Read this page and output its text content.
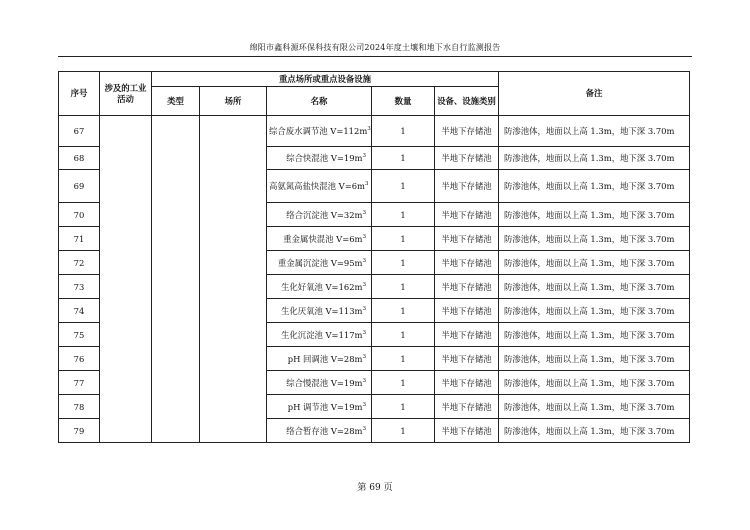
绵阳市鑫科源环保科技有限公司2024年度土壤和地下水自行监测报告
序号	涉及的工业活动	重点场所或重点设备设施					备注
		类型	场所	名称	数量	设备、设施类别	
67				综合废水调节池 $V=112m^3$	1	半地下存储池	防渗池体，地面以上高 1.3m，地下深 3.70m
68				综合快混池 $V=19m^3$	1	半地下存储池	防渗池体，地面以上高 1.3m，地下深 3.70m
69				高氨氮高盐快混池 $V=6m^3$	1	半地下存储池	防渗池体，地面以上高 1.3m，地下深 3.70m
70				络合沉淀池 $V=32m^3$	1	半地下存储池	防渗池体，地面以上高 1.3m，地下深 3.70m
71				重金属快混池 $V=6m^3$	1	半地下存储池	防渗池体，地面以上高 1.3m，地下深 3.70m
72				重金属沉淀池 $V=95m^3$	1	半地下存储池	防渗池体，地面以上高 1.3m，地下深 3.70m
73				生化好氧池 $V=162m^3$	1	半地下存储池	防渗池体，地面以上高 1.3m，地下深 3.70m
74				生化厌氧池 $V=113m^3$	1	半地下存储池	防渗池体，地面以上高 1.3m，地下深 3.70m
75				生化沉淀池 $V=117m^3$	1	半地下存储池	防渗池体，地面以上高 1.3m，地下深 3.70m
76				pH 回调池 $V=28m^3$	1	半地下存储池	防渗池体，地面以上高 1.3m，地下深 3.70m
77				综合慢混池 $V=19m^3$	1	半地下存储池	防渗池体，地面以上高 1.3m，地下深 3.70m
78				pH 调节池 $V=19m^3$	1	半地下存储池	防渗池体，地面以上高 1.3m，地下深 3.70m
79				络合暂存池 $V=28m^3$	1	半地下存储池	防渗池体，地面以上高 1.3m，地下深 3.70m
第 69 页
